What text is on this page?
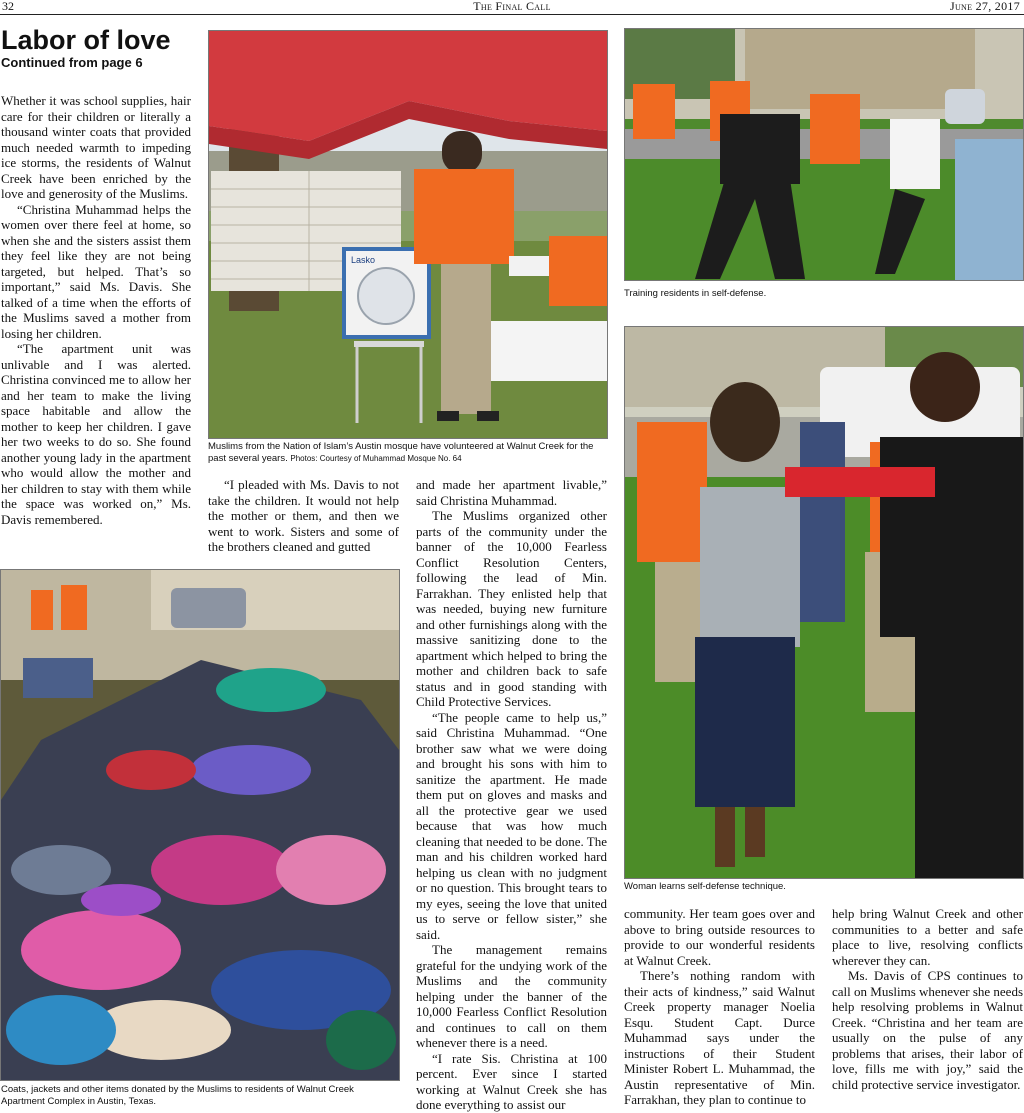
32	The Final Call	June 27, 2017
Labor of love
Continued from page 6

Whether it was school supplies, hair care for their children or literally a thousand winter coats that provided much needed warmth to impeding ice storms, the residents of Walnut Creek have been enriched by the love and generosity of the Muslims.

“Christina Muhammad helps the women over there feel at home, so when she and the sisters assist them they feel like they are not being targeted, but helped. That’s so important,” said Ms. Davis. She talked of a time when the efforts of the Muslims saved a mother from losing her children.

“The apartment unit was unlivable and I was alerted. Christina convinced me to allow her and her team to make the living space habitable and allow the mother to keep her children. I gave her two weeks to do so. She found another young lady in the apartment who would allow the mother and her children to stay with them while the space was worked on,” Ms. Davis remembered.

Lasko
Muslims from the Nation of Islam’s Austin mosque have volunteered at Walnut Creek for the past several years. Photos: Courtesy of Muhammad Mosque No. 64

“I pleaded with Ms. Davis to not take the children. It would not help the mother or them, and then we went to work. Sisters and some of the brothers cleaned and gutted

and made her apartment livable,” said Christina Muhammad.

The Muslims organized other parts of the community under the banner of the 10,000 Fearless Conflict Resolution Centers, following the lead of Min. Farrakhan. They enlisted help that was needed, buying new furniture and other furnishings along with the massive sanitizing done to the apartment which helped to bring the mother and children back to safe status and in good standing with Child Protective Services.

“The people came to help us,” said Christina Muhammad. “One brother saw what we were doing and brought his sons with him to sanitize the apartment. He made them put on gloves and masks and all the protective gear we used because that was how much cleaning that needed to be done. The man and his children worked hard helping us clean with no judgment or no question. This brought tears to my eyes, seeing the love that united us to serve or fellow sister,” she said.

The management remains grateful for the undying work of the Muslims and the community helping under the banner of the 10,000 Fearless Conflict Resolution and continues to call on them whenever there is a need.

“I rate Sis. Christina at 100 percent. Ever since I started working at Walnut Creek she has done everything to assist our

Coats, jackets and other items donated by the Muslims to residents of Walnut Creek Apartment Complex in Austin, Texas.
Training residents in self-defense.
Woman learns self-defense technique.

community. Her team goes over and above to bring outside resources to provide to our wonderful residents at Walnut Creek.

There’s nothing random with their acts of kindness,” said Walnut Creek property manager Noelia Esqu. Student Capt. Durce Muhammad says under the instructions of their Student Minister Robert L. Muhammad, the Austin representative of Min. Farrakhan, they plan to continue to

help bring Walnut Creek and other communities to a better and safe place to live, resolving conflicts wherever they can.

Ms. Davis of CPS continues to call on Muslims whenever she needs help resolving problems in Walnut Creek. “Christina and her team are usually on the pulse of any problems that arises, their labor of love, fills me with joy,” said the child protective service investigator.
